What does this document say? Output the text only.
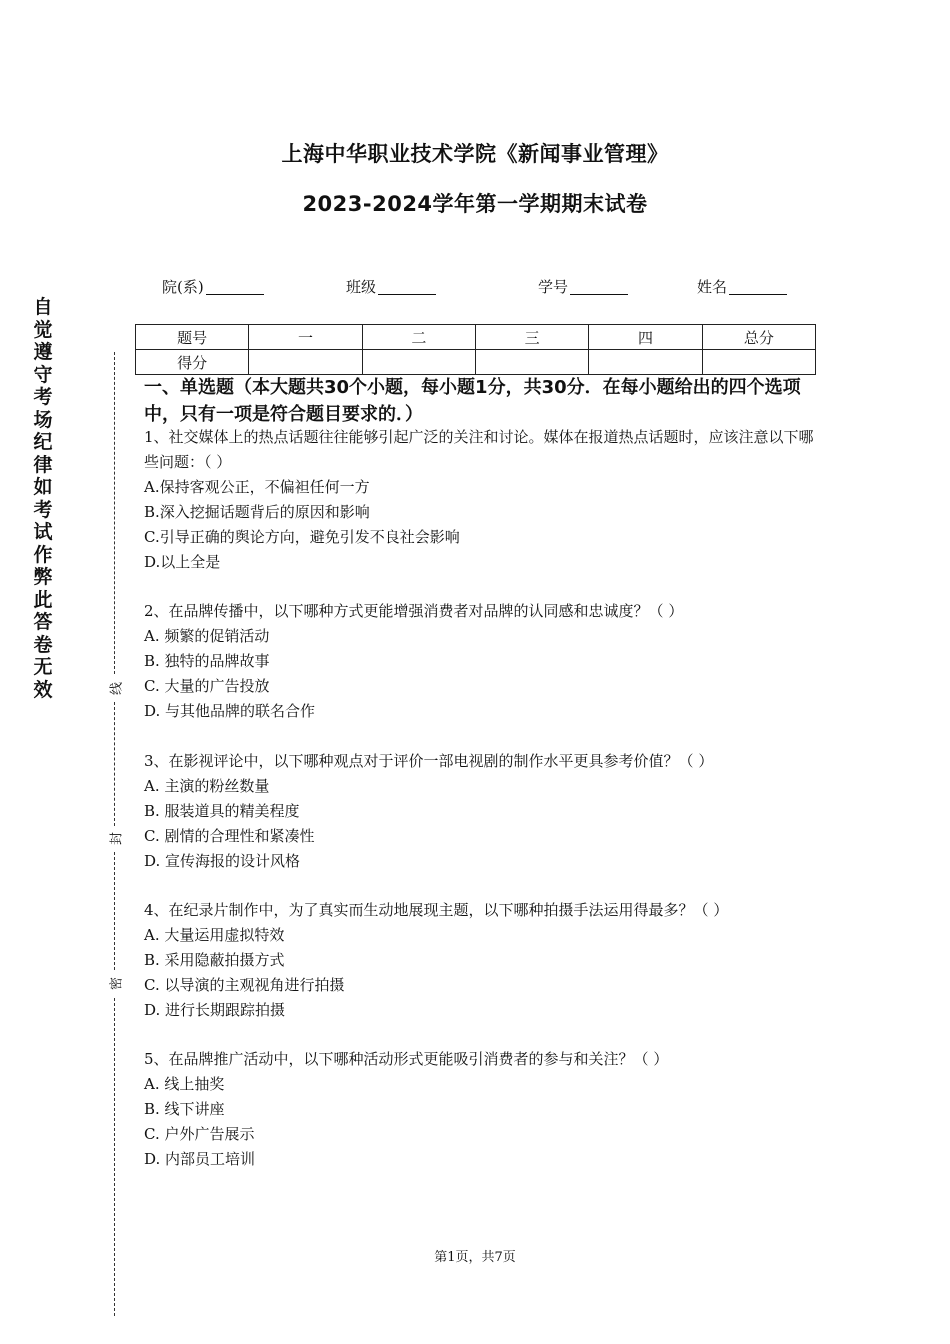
上海中华职业技术学院《新闻事业管理》
2023-2024学年第一学期期末试卷
院(系)	班级	学号	姓名
题号	一	二	三	四	总分
得分					
自觉遵守考场纪律如考试作弊此答卷无效	线
封
密
一、单选题（本大题共30个小题，每小题1分，共30分．在每小题给出的四个选项中，只有一项是符合题目要求的．）

1、社交媒体上的热点话题往往能够引起广泛的关注和讨论。媒体在报道热点话题时，应该注意以下哪些问题：（ ）

A.保持客观公正，不偏袒任何一方

B.深入挖掘话题背后的原因和影响

C.引导正确的舆论方向，避免引发不良社会影响

D.以上全是

2、在品牌传播中，以下哪种方式更能增强消费者对品牌的认同感和忠诚度？（ ）

A. 频繁的促销活动

B. 独特的品牌故事

C. 大量的广告投放

D. 与其他品牌的联名合作

3、在影视评论中，以下哪种观点对于评价一部电视剧的制作水平更具参考价值？（ ）

A. 主演的粉丝数量

B. 服装道具的精美程度

C. 剧情的合理性和紧凑性

D. 宣传海报的设计风格

4、在纪录片制作中，为了真实而生动地展现主题，以下哪种拍摄手法运用得最多？（ ）

A. 大量运用虚拟特效

B. 采用隐蔽拍摄方式

C. 以导演的主观视角进行拍摄

D. 进行长期跟踪拍摄

5、在品牌推广活动中，以下哪种活动形式更能吸引消费者的参与和关注？（ ）

A. 线上抽奖

B. 线下讲座

C. 户外广告展示

D. 内部员工培训

第1页，共7页
